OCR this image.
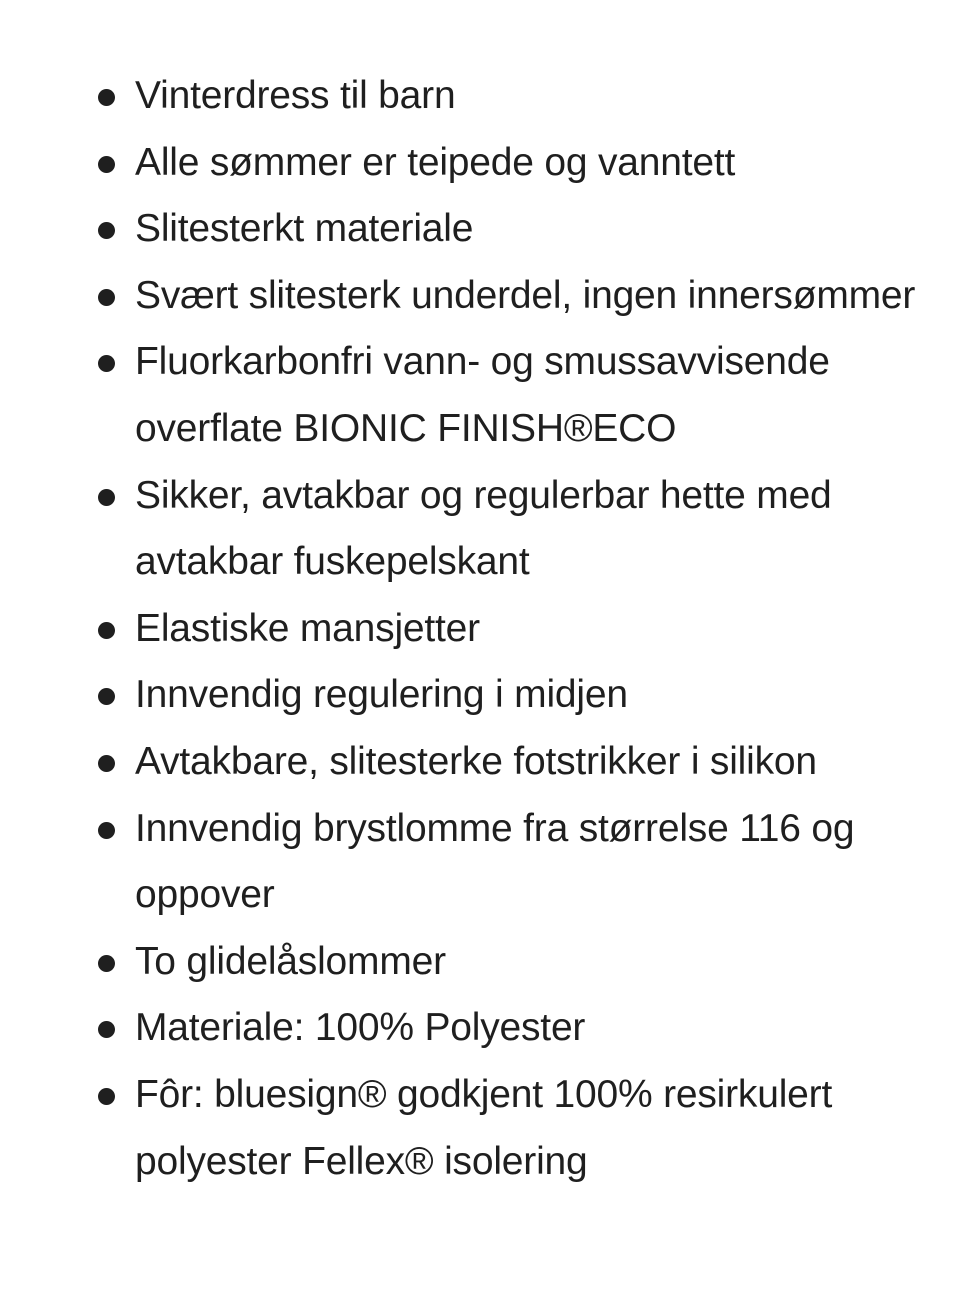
Vinterdress til barn
Alle sømmer er teipede og vanntett
Slitesterkt materiale
Svært slitesterk underdel, ingen innersømmer
Fluorkarbonfri vann- og smussavvisende overflate BIONIC FINISH®ECO
Sikker, avtakbar og regulerbar hette med avtakbar fuskepelskant
Elastiske mansjetter
Innvendig regulering i midjen
Avtakbare, slitesterke fotstrikker i silikon
Innvendig brystlomme fra størrelse 116 og oppover
To glidelåslommer
Materiale: 100% Polyester
Fôr: bluesign® godkjent 100% resirkulert polyester Fellex® isolering
